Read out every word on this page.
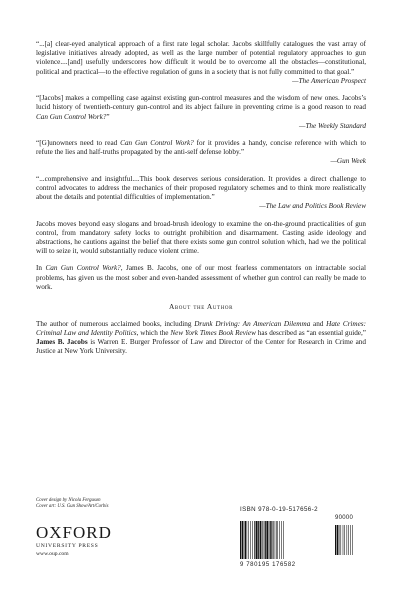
“...[a] clear-eyed analytical approach of a first rate legal scholar. Jacobs skillfully catalogues the vast array of legislative initiatives already adopted, as well as the large number of potential regulatory approaches to gun violence....[and] usefully underscores how difficult it would be to overcome all the obstacles—constitutional, political and practical—to the effective regulation of guns in a society that is not fully committed to that goal.”
—The American Prospect

“[Jacobs] makes a compelling case against existing gun-control measures and the wisdom of new ones. Jacobs’s lucid history of twentieth-century gun-control and its abject failure in preventing crime is a good reason to read Can Gun Control Work?”
—The Weekly Standard

“[G]unowners need to read Can Gun Control Work? for it provides a handy, concise reference with which to refute the lies and half-truths propagated by the anti-self defense lobby.”
—Gun Week

“...comprehensive and insightful....This book deserves serious consideration. It provides a direct challenge to control advocates to address the mechanics of their proposed regulatory schemes and to think more realistically about the details and potential difficulties of implementation.”
—The Law and Politics Book Review

Jacobs moves beyond easy slogans and broad-brush ideology to examine the on-the-ground practicalities of gun control, from mandatory safety locks to outright prohibition and disarmament. Casting aside ideology and abstractions, he cautions against the belief that there exists some gun control solution which, had we the political will to seize it, would substantially reduce violent crime.

In Can Gun Control Work?, James B. Jacobs, one of our most fearless commentators on intractable social problems, has given us the most sober and even-handed assessment of whether gun control can really be made to work.

About the Author

The author of numerous acclaimed books, including Drunk Driving: An American Dilemma and Hate Crimes: Criminal Law and Identity Politics, which the New York Times Book Review has described as “an essential guide,” James B. Jacobs is Warren E. Burger Professor of Law and Director of the Center for Research in Crime and Justice at New York University.

Cover design by Nicola Ferguson
Cover art: U.S. Gun Show/Art/Corbis
OXFORD
UNIVERSITY PRESS
www.oup.com
ISBN 978-0-19-517656-2
90000
9 780195 176582
